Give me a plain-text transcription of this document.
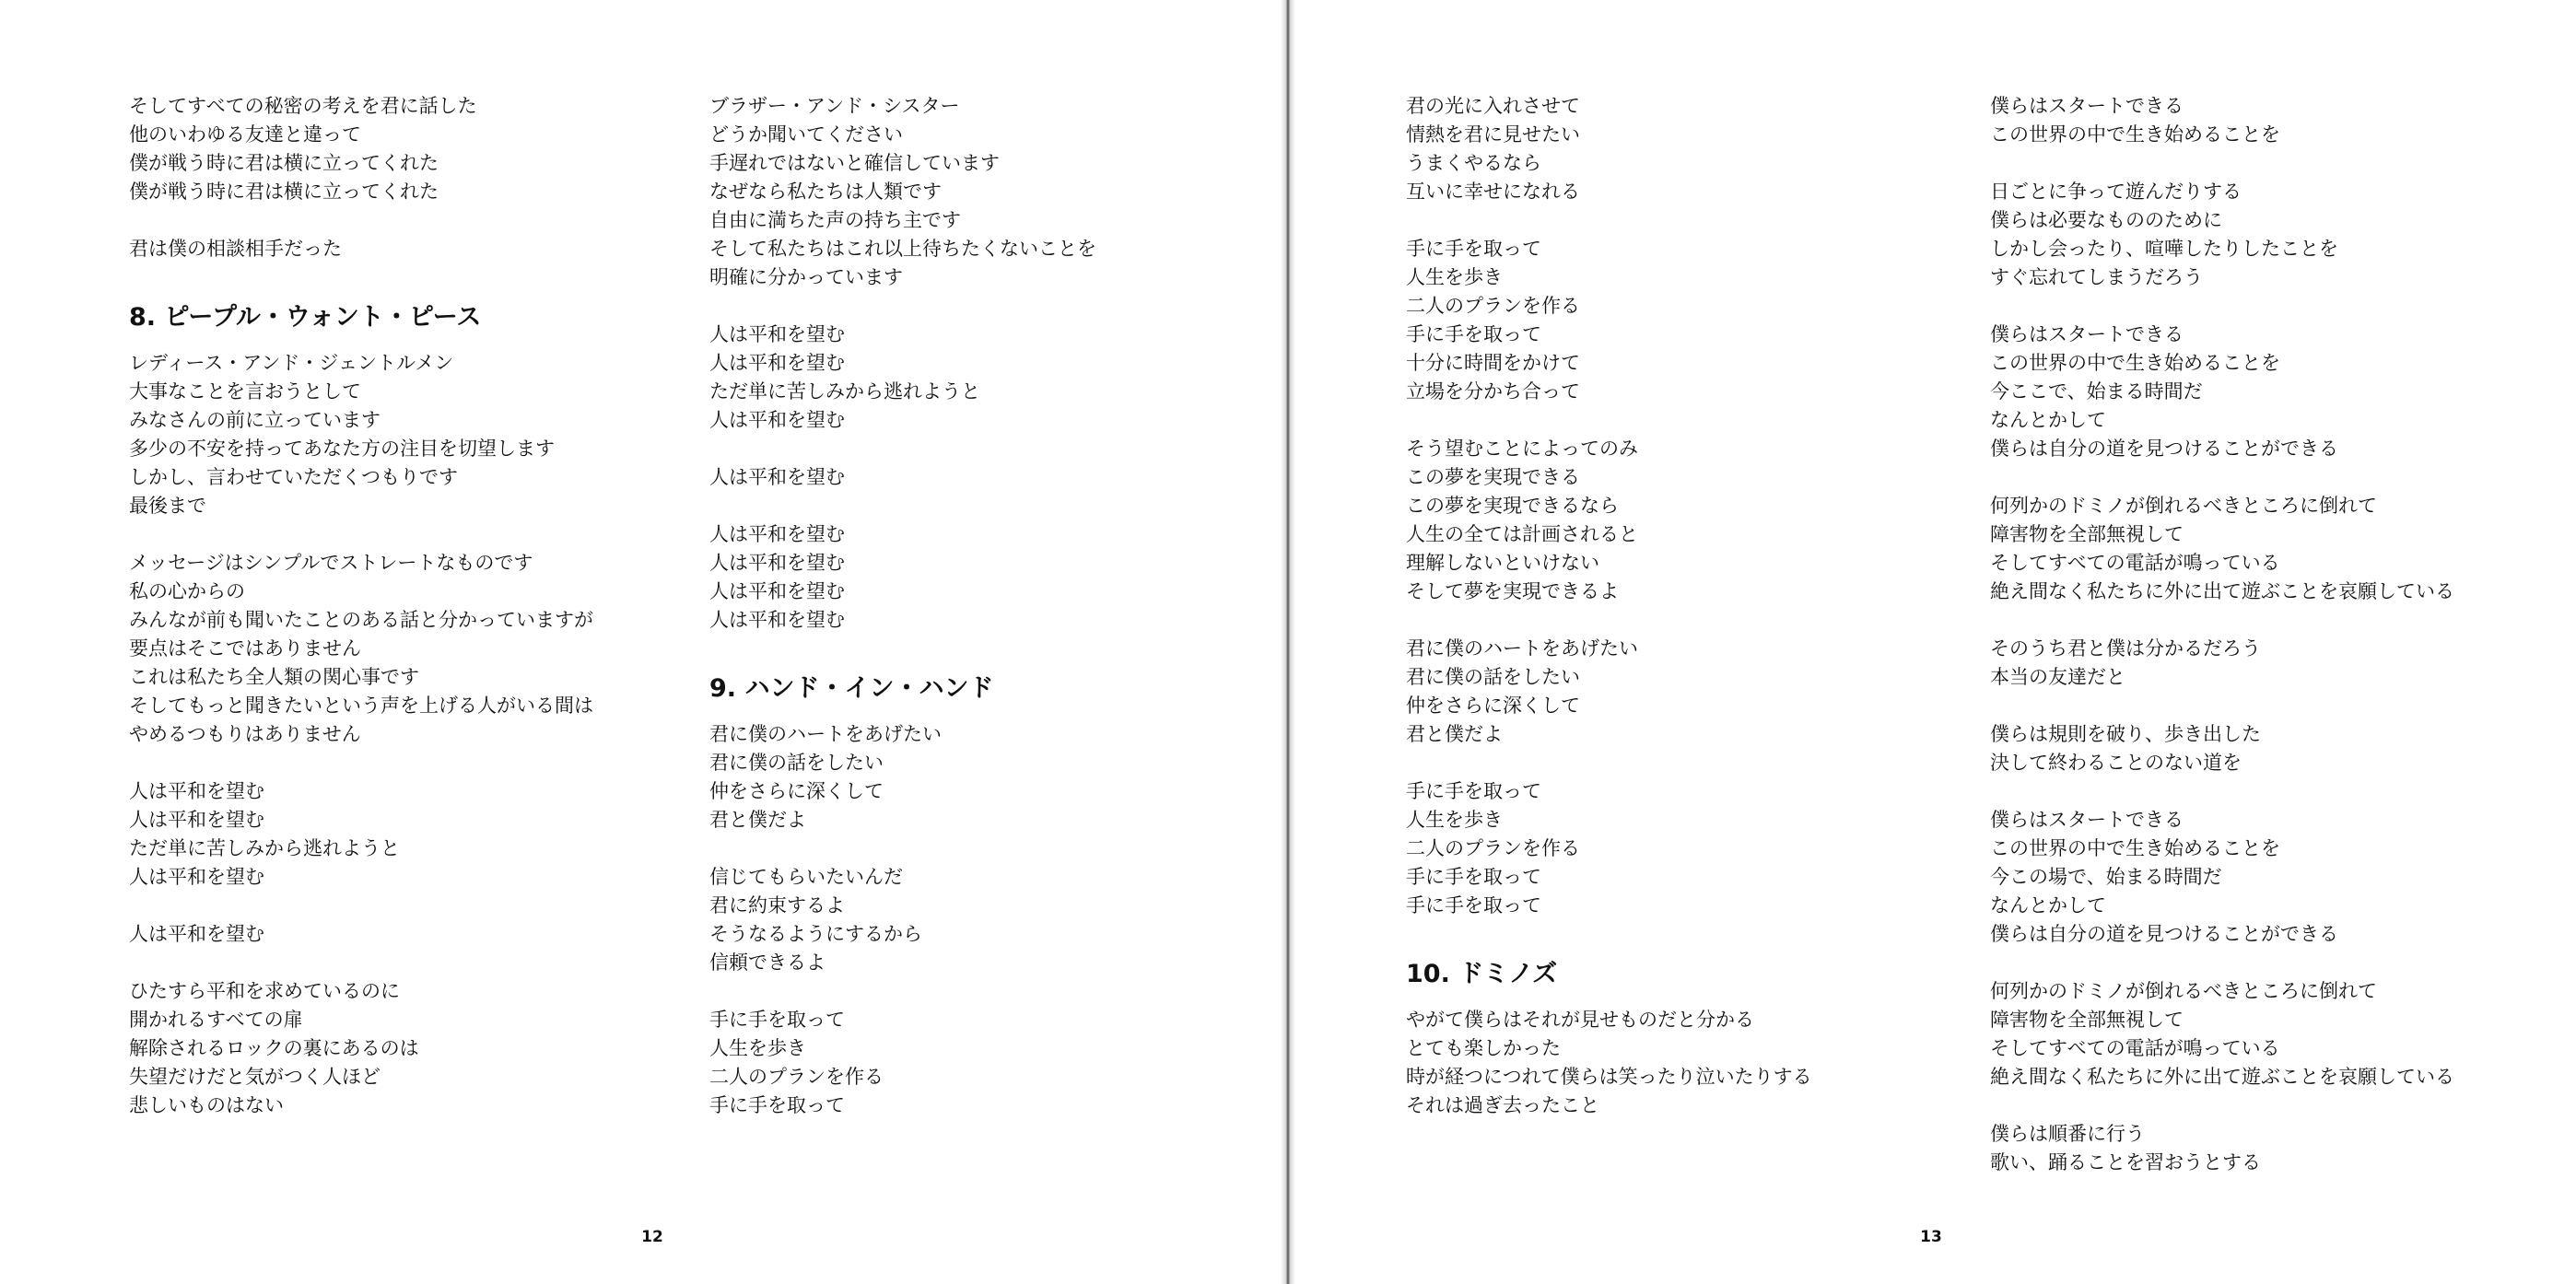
そしてすべての秘密の考えを君に話した
他のいわゆる友達と違って
僕が戦う時に君は横に立ってくれた
僕が戦う時に君は横に立ってくれた
君は僕の相談相手だった
8. ピープル・ウォント・ピース
レディース・アンド・ジェントルメン
大事なことを言おうとして
みなさんの前に立っています
多少の不安を持ってあなた方の注目を切望します
しかし、言わせていただくつもりです
最後まで
メッセージはシンプルでストレートなものです
私の心からの
みんなが前も聞いたことのある話と分かっていますが
要点はそこではありません
これは私たち全人類の関心事です
そしてもっと聞きたいという声を上げる人がいる間は
やめるつもりはありません
人は平和を望む
人は平和を望む
ただ単に苦しみから逃れようと
人は平和を望む
人は平和を望む
ひたすら平和を求めているのに
開かれるすべての扉
解除されるロックの裏にあるのは
失望だけだと気がつく人ほど
悲しいものはない
ブラザー・アンド・シスター
どうか聞いてください
手遅れではないと確信しています
なぜなら私たちは人類です
自由に満ちた声の持ち主です
そして私たちはこれ以上待ちたくないことを
明確に分かっています
人は平和を望む
人は平和を望む
ただ単に苦しみから逃れようと
人は平和を望む
人は平和を望む
人は平和を望む
人は平和を望む
人は平和を望む
人は平和を望む
9. ハンド・イン・ハンド
君に僕のハートをあげたい
君に僕の話をしたい
仲をさらに深くして
君と僕だよ
信じてもらいたいんだ
君に約束するよ
そうなるようにするから
信頼できるよ
手に手を取って
人生を歩き
二人のプランを作る
手に手を取って
12
君の光に入れさせて
情熱を君に見せたい
うまくやるなら
互いに幸せになれる
手に手を取って
人生を歩き
二人のプランを作る
手に手を取って
十分に時間をかけて
立場を分かち合って
そう望むことによってのみ
この夢を実現できる
この夢を実現できるなら
人生の全ては計画されると
理解しないといけない
そして夢を実現できるよ
君に僕のハートをあげたい
君に僕の話をしたい
仲をさらに深くして
君と僕だよ
手に手を取って
人生を歩き
二人のプランを作る
手に手を取って
手に手を取って
10. ドミノズ
やがて僕らはそれが見せものだと分かる
とても楽しかった
時が経つにつれて僕らは笑ったり泣いたりする
それは過ぎ去ったこと
僕らはスタートできる
この世界の中で生き始めることを
日ごとに争って遊んだりする
僕らは必要なもののために
しかし会ったり、喧嘩したりしたことを
すぐ忘れてしまうだろう
僕らはスタートできる
この世界の中で生き始めることを
今ここで、始まる時間だ
なんとかして
僕らは自分の道を見つけることができる
何列かのドミノが倒れるべきところに倒れて
障害物を全部無視して
そしてすべての電話が鳴っている
絶え間なく私たちに外に出て遊ぶことを哀願している
そのうち君と僕は分かるだろう
本当の友達だと
僕らは規則を破り、歩き出した
決して終わることのない道を
僕らはスタートできる
この世界の中で生き始めることを
今この場で、始まる時間だ
なんとかして
僕らは自分の道を見つけることができる
何列かのドミノが倒れるべきところに倒れて
障害物を全部無視して
そしてすべての電話が鳴っている
絶え間なく私たちに外に出て遊ぶことを哀願している
僕らは順番に行う
歌い、踊ることを習おうとする
13
